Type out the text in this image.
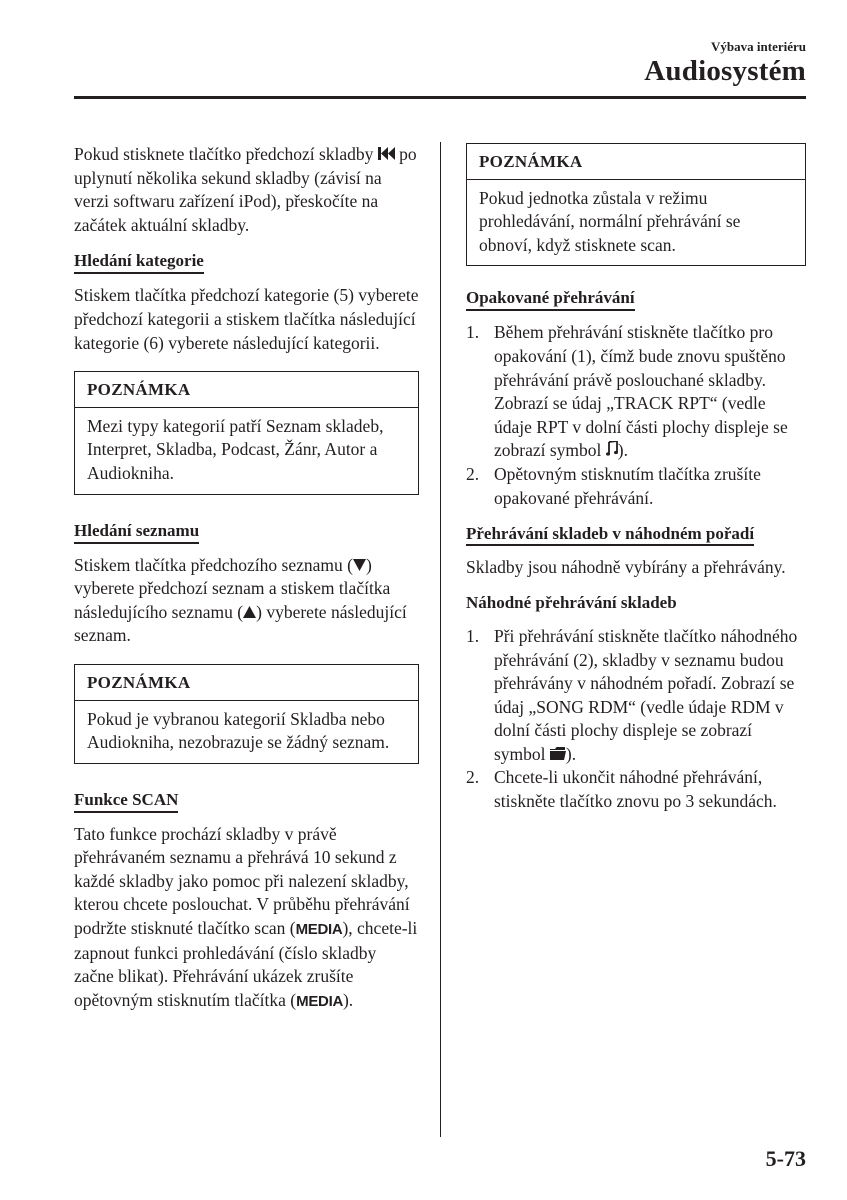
Výbava interiéru
Audiosystém

Pokud stisknete tlačítko předchozí skladby  po uplynutí několika sekund skladby (závisí na verzi softwaru zařízení iPod), přeskočíte na začátek aktuální skladby.

Hledání kategorie

Stiskem tlačítka předchozí kategorie (5) vyberete předchozí kategorii a stiskem tlačítka následující kategorie (6) vyberete následující kategorii.

POZNÁMKA
Mezi typy kategorií patří Seznam skladeb, Interpret, Skladba, Podcast, Žánr, Autor a Audiokniha.
Hledání seznamu

Stiskem tlačítka předchozího seznamu ( ) vyberete předchozí seznam a stiskem tlačítka následujícího seznamu ( ) vyberete následující seznam.

POZNÁMKA
Pokud je vybranou kategorií Skladba nebo Audiokniha, nezobrazuje se žádný seznam.
Funkce SCAN

Tato funkce prochází skladby v právě přehrávaném seznamu a přehrává 10 sekund z každé skladby jako pomoc při nalezení skladby, kterou chcete poslouchat. V průběhu přehrávání podržte stisknuté tlačítko scan (MEDIA), chcete-li zapnout funkci prohledávání (číslo skladby začne blikat). Přehrávání ukázek zrušíte opětovným stisknutím tlačítka (MEDIA).

POZNÁMKA
Pokud jednotka zůstala v režimu prohledávání, normální přehrávání se obnoví, když stisknete scan.
Opakované přehrávání
1. Během přehrávání stiskněte tlačítko pro opakování (1), čímž bude znovu spuštěno přehrávání právě poslouchané skladby. Zobrazí se údaj „TRACK RPT“ (vedle údaje RPT v dolní části plochy displeje se zobrazí symbol ).
2. Opětovným stisknutím tlačítka zrušíte opakované přehrávání.
Přehrávání skladeb v náhodném pořadí

Skladby jsou náhodně vybírány a přehrávány.

Náhodné přehrávání skladeb
1. Při přehrávání stiskněte tlačítko náhodného přehrávání (2), skladby v seznamu budou přehrávány v náhodném pořadí. Zobrazí se údaj „SONG RDM“ (vedle údaje RDM v dolní části plochy displeje se zobrazí symbol ).
2. Chcete-li ukončit náhodné přehrávání, stiskněte tlačítko znovu po 3 sekundách.
5-73
